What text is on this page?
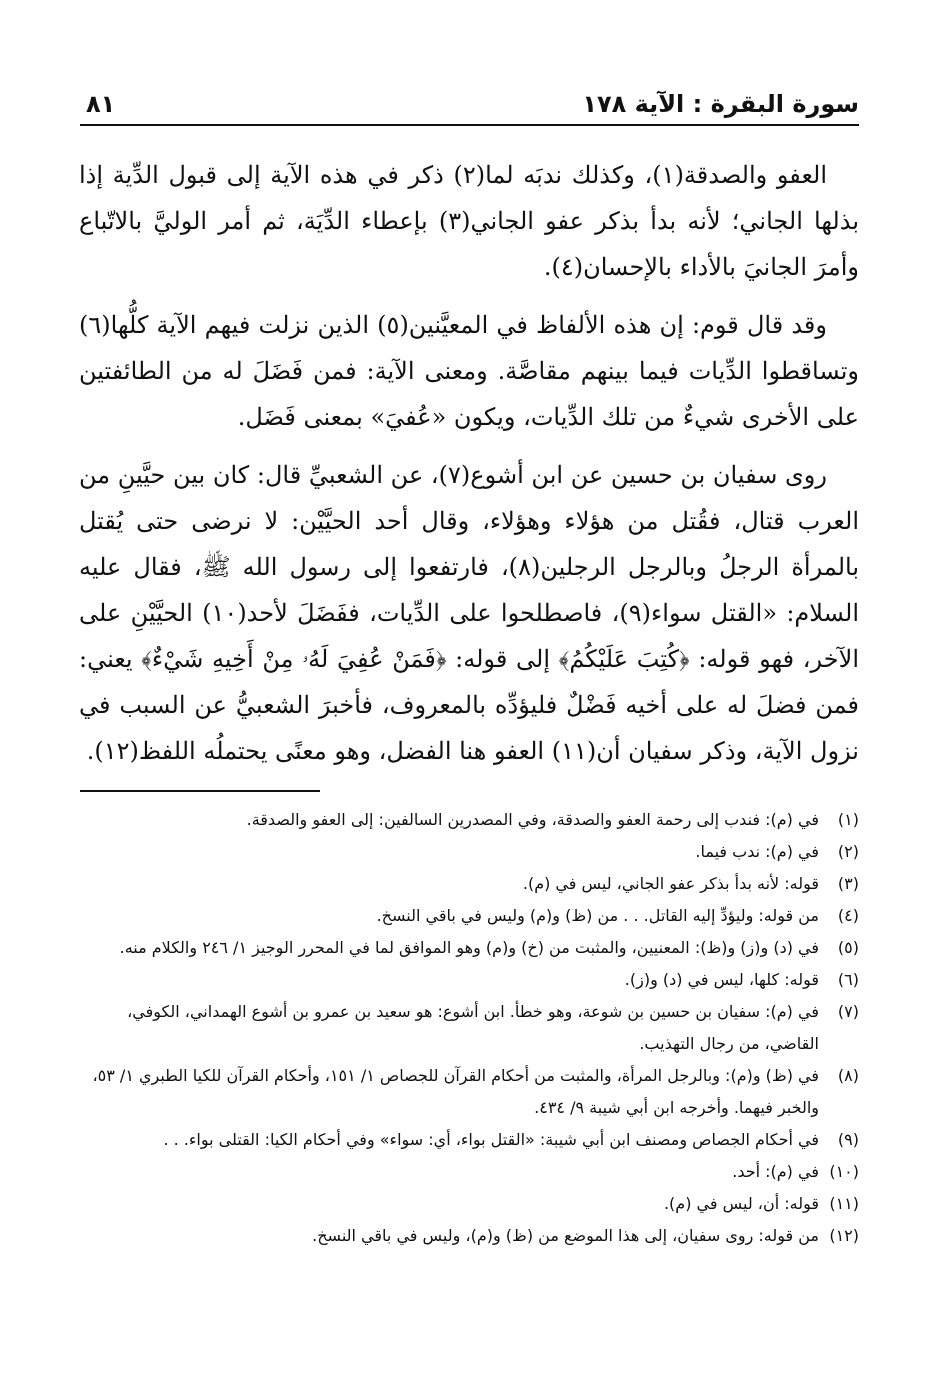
سورة البقرة : الآية ١٧٨
٨١

العفو والصدقة(١)، وكذلك ندبَه لما(٢) ذكر في هذه الآية إلى قبول الدِّية إذا بذلها الجاني؛ لأنه بدأ بذكر عفو الجاني(٣) بإعطاء الدِّيَة، ثم أمر الوليَّ بالاتّباع وأمرَ الجانيَ بالأداء بالإحسان(٤).

وقد قال قوم: إن هذه الألفاظ في المعيَّنين(٥) الذين نزلت فيهم الآية كلُّها(٦) وتساقطوا الدِّيات فيما بينهم مقاصَّة. ومعنى الآية: فمن فَضَلَ له من الطائفتين على الأخرى شيءٌ من تلك الدِّيات، ويكون «عُفيَ» بمعنى فَضَل.

روى سفيان بن حسين عن ابن أشوع(٧)، عن الشعبيِّ قال: كان بين حيَّينِ من العرب قتال، فقُتل من هؤلاء وهؤلاء، وقال أحد الحيَّيْن: لا نرضى حتى يُقتل بالمرأة الرجلُ وبالرجل الرجلين(٨)، فارتفعوا إلى رسول الله ﷺ، فقال عليه السلام: «القتل سواء(٩)، فاصطلحوا على الدِّيات، ففَضَلَ لأحد(١٠) الحيَّيْنِ على الآخر، فهو قوله: ﴿كُتِبَ عَلَيْكُمُ﴾ إلى قوله: ﴿فَمَنْ عُفِيَ لَهُۥ مِنْ أَخِيهِ شَيْءٌ﴾ يعني: فمن فضلَ له على أخيه فَضْلٌ فليؤدِّه بالمعروف، فأخبرَ الشعبيُّ عن السبب في نزول الآية، وذكر سفيان أن(١١) العفو هنا الفضل، وهو معنًى يحتملُه اللفظ(١٢).

(١)
في (م): فندب إلى رحمة العفو والصدقة، وفي المصدرين السالفين: إلى العفو والصدقة.
(٢)
في (م): ندب فيما.
(٣)
قوله: لأنه بدأ بذكر عفو الجاني، ليس في (م).
(٤)
من قوله: وليؤدِّ إليه القاتل. . . من (ظ) و(م) وليس في باقي النسخ.
(٥)
في (د) و(ز) و(ظ): المعنيين، والمثبت من (خ) و(م) وهو الموافق لما في المحرر الوجيز ١/ ٢٤٦ والكلام منه.
(٦)
قوله: كلها، ليس في (د) و(ز).
(٧)
في (م): سفيان بن حسين بن شوعة، وهو خطأ. ابن أشوع: هو سعيد بن عمرو بن أشوع الهمداني، الكوفي، القاضي، من رجال التهذيب.
(٨)
في (ظ) و(م): وبالرجل المرأة، والمثبت من أحكام القرآن للجصاص ١/ ١٥١، وأحكام القرآن للكيا الطبري ١/ ٥٣، والخبر فيهما. وأخرجه ابن أبي شيبة ٩/ ٤٣٤.
(٩)
في أحكام الجصاص ومصنف ابن أبي شيبة: «القتل بواء، أي: سواء» وفي أحكام الكيا: القتلى بواء. . .
(١٠)
في (م): أحد.
(١١)
قوله: أن، ليس في (م).
(١٢)
من قوله: روى سفيان، إلى هذا الموضع من (ظ) و(م)، وليس في باقي النسخ.
